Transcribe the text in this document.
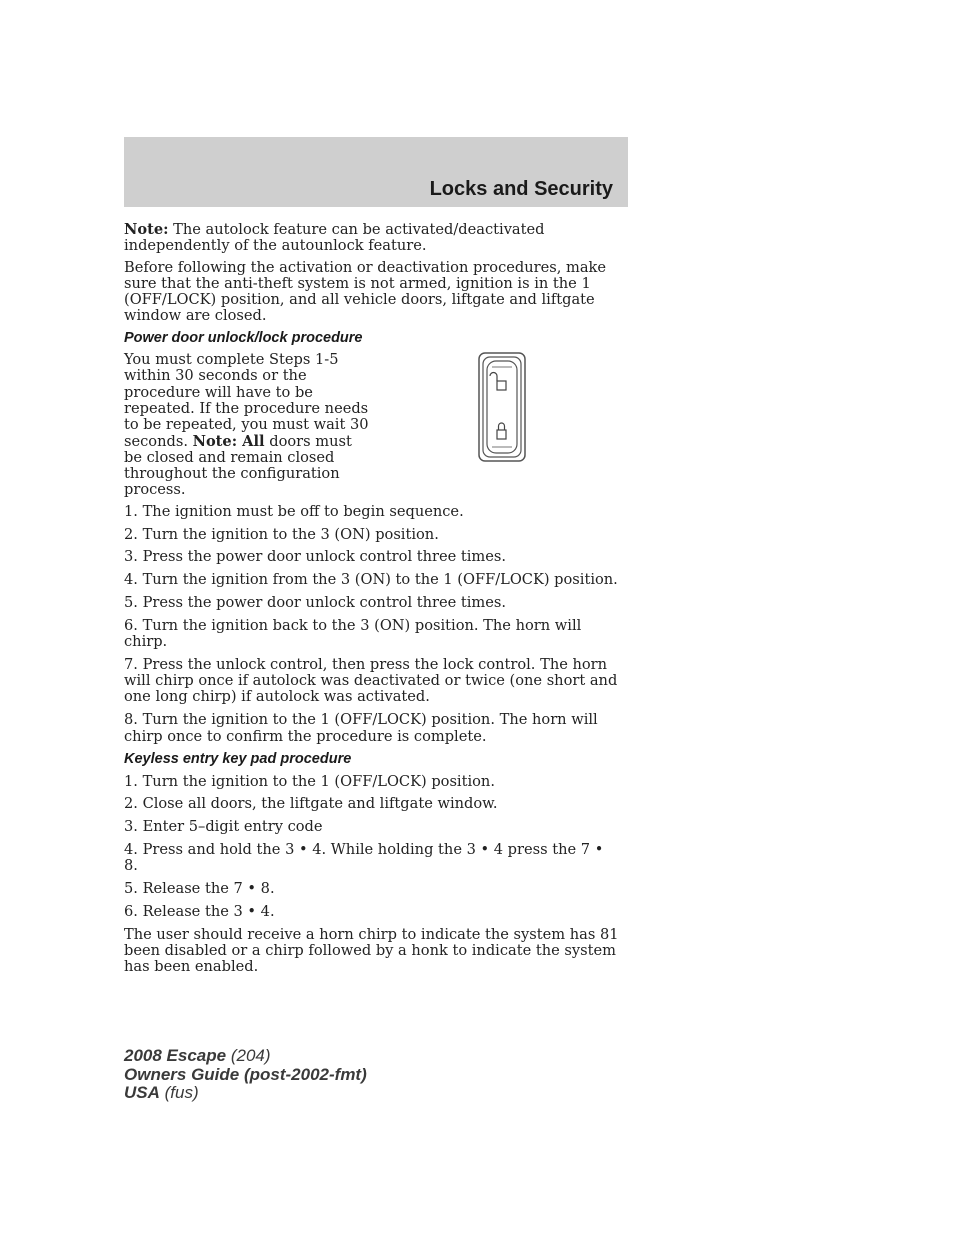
Locks and Security

Note: The autolock feature can be activated/deactivated independently of the autounlock feature.

Before following the activation or deactivation procedures, make sure that the anti-theft system is not armed, ignition is in the 1 (OFF/LOCK) position, and all vehicle doors, liftgate and liftgate window are closed.

Power door unlock/lock procedure

You must complete Steps 1-5 within 30 seconds or the procedure will have to be repeated. If the procedure needs to be repeated, you must wait 30 seconds. Note: All doors must be closed and remain closed throughout the configuration process.

1. The ignition must be off to begin sequence.

2. Turn the ignition to the 3 (ON) position.

3. Press the power door unlock control three times.

4. Turn the ignition from the 3 (ON) to the 1 (OFF/LOCK) position.

5. Press the power door unlock control three times.

6. Turn the ignition back to the 3 (ON) position. The horn will chirp.

7. Press the unlock control, then press the lock control. The horn will chirp once if autolock was deactivated or twice (one short and one long chirp) if autolock was activated.

8. Turn the ignition to the 1 (OFF/LOCK) position. The horn will chirp once to confirm the procedure is complete.

Keyless entry key pad procedure

1. Turn the ignition to the 1 (OFF/LOCK) position.

2. Close all doors, the liftgate and liftgate window.

3. Enter 5–digit entry code

4. Press and hold the 3 • 4. While holding the 3 • 4 press the 7 • 8.

5. Release the 7 • 8.

6. Release the 3 • 4.

The user should receive a horn chirp to indicate the system has been disabled or a chirp followed by a honk to indicate the system has been enabled.

81

2008 Escape (204)
Owners Guide (post-2002-fmt)
USA (fus)
